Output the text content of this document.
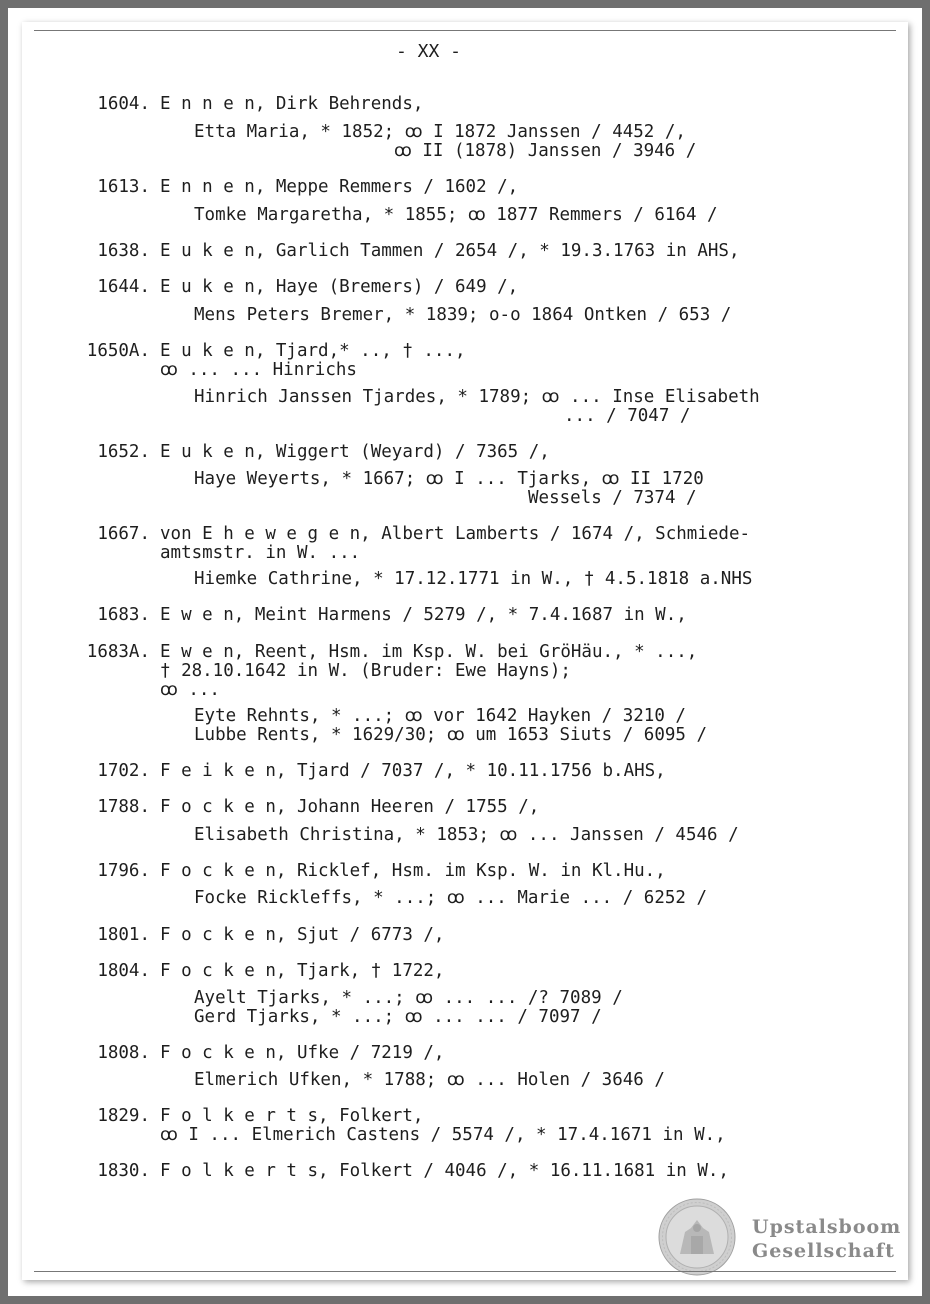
- XX -
1604. E n n e n, Dirk Behrends,
Etta Maria, * 1852; ꝏ I 1872 Janssen / 4452 /,
ꝏ II (1878) Janssen / 3946 /
1613. E n n e n, Meppe Remmers / 1602 /,
Tomke Margaretha, * 1855; ꝏ 1877 Remmers / 6164 /
1638. E u k e n, Garlich Tammen / 2654 /, * 19.3.1763 in AHS,
1644. E u k e n, Haye (Bremers) / 649 /,
Mens Peters Bremer, * 1839; o-o 1864 Ontken / 653 /
1650A. E u k e n, Tjard,* .., † ...,
ꝏ ... ... Hinrichs
Hinrich Janssen Tjardes, * 1789; ꝏ ... Inse Elisabeth
... / 7047 /
1652. E u k e n, Wiggert (Weyard) / 7365 /,
Haye Weyerts, * 1667; ꝏ I ... Tjarks, ꝏ II 1720
Wessels / 7374 /
1667. von E h e w e g e n, Albert Lamberts / 1674 /, Schmiede-
amtsmstr. in W. ...
Hiemke Cathrine, * 17.12.1771 in W., † 4.5.1818 a.NHS
1683. E w e n, Meint Harmens / 5279 /, * 7.4.1687 in W.,
1683A. E w e n, Reent, Hsm. im Ksp. W. bei GröHäu., * ...,
† 28.10.1642 in W. (Bruder: Ewe Hayns);
ꝏ ...
Eyte Rehnts, * ...; ꝏ vor 1642 Hayken / 3210 /
Lubbe Rents, * 1629/30; ꝏ um 1653 Siuts / 6095 /
1702. F e i k e n, Tjard / 7037 /, * 10.11.1756 b.AHS,
1788. F o c k e n, Johann Heeren / 1755 /,
Elisabeth Christina, * 1853; ꝏ ... Janssen / 4546 /
1796. F o c k e n, Ricklef, Hsm. im Ksp. W. in Kl.Hu.,
Focke Rickleffs, * ...; ꝏ ... Marie ... / 6252 /
1801. F o c k e n, Sjut / 6773 /,
1804. F o c k e n, Tjark, † 1722,
Ayelt Tjarks, * ...; ꝏ ... ... /? 7089 /
Gerd Tjarks, * ...; ꝏ ... ... / 7097 /
1808. F o c k e n, Ufke / 7219 /,
Elmerich Ufken, * 1788; ꝏ ... Holen / 3646 /
1829. F o l k e r t s, Folkert,
ꝏ I ... Elmerich Castens / 5574 /, * 17.4.1671 in W.,
1830. F o l k e r t s, Folkert / 4046 /, * 16.11.1681 in W.,
Upstalsboom
Gesellschaft
